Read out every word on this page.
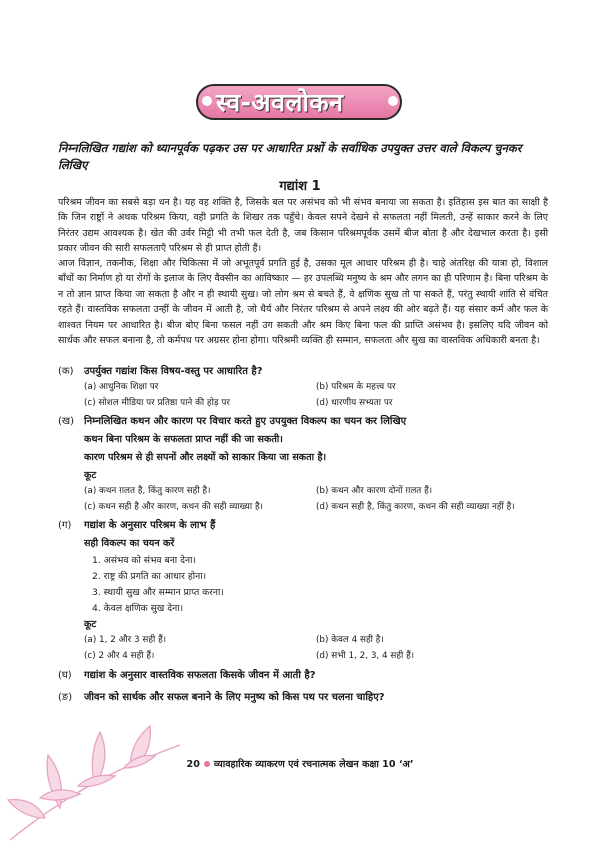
स्व-अवलोकन
निम्नलिखित गद्यांश को ध्यानपूर्वक पढ़कर उस पर आधारित प्रश्नों के सर्वाधिक उपयुक्त उत्तर वाले विकल्प चुनकर लिखिए
गद्यांश 1
परिश्रम जीवन का सबसे बड़ा धन है। यह वह शक्ति है, जिसके बल पर असंभव को भी संभव बनाया जा सकता है। इतिहास इस बात का साक्षी है कि जिन राष्ट्रों ने अथक परिश्रम किया, वही प्रगति के शिखर तक पहुँचे। केवल सपने देखने से सफलता नहीं मिलती, उन्हें साकार करने के लिए निरंतर उद्यम आवश्यक है। खेत की उर्वर मिट्टी भी तभी फल देती है, जब किसान परिश्रमपूर्वक उसमें बीज बोता है और देखभाल करता है। इसी प्रकार जीवन की सारी सफलताएँ परिश्रम से ही प्राप्त होती हैं।
आज विज्ञान, तकनीक, शिक्षा और चिकित्सा में जो अभूतपूर्व प्रगति हुई है, उसका मूल आधार परिश्रम ही है। चाहे अंतरिक्ष की यात्रा हो, विशाल बाँधों का निर्माण हो या रोगों के इलाज के लिए वैक्सीन का आविष्कार — हर उपलब्धि मनुष्य के श्रम और लगन का ही परिणाम है। बिना परिश्रम के न तो ज्ञान प्राप्त किया जा सकता है और न ही स्थायी सुख। जो लोग श्रम से बचते हैं, वे क्षणिक सुख तो पा सकते हैं, परंतु स्थायी शांति से वंचित रहते हैं। वास्तविक सफलता उन्हीं के जीवन में आती है, जो धैर्य और निरंतर परिश्रम से अपने लक्ष्य की ओर बढ़ते हैं। यह संसार कर्म और फल के शाश्वत नियम पर आधारित है। बीज बोए बिना फसल नहीं उग सकती और श्रम किए बिना फल की प्राप्ति असंभव है। इसलिए यदि जीवन को सार्थक और सफल बनाना है, तो कर्मपथ पर अग्रसर होना होगा। परिश्रमी व्यक्ति ही सम्मान, सफलता और सुख का वास्तविक अधिकारी बनता है।
(क) उपर्युक्त गद्यांश किस विषय-वस्तु पर आधारित है?
(a) आधुनिक शिक्षा पर	(b) परिश्रम के महत्त्व पर
(c) सोशल मीडिया पर प्रतिष्ठा पाने की होड़ पर	(d) धारणीय सभ्यता पर
(ख) निम्नलिखित कथन और कारण पर विचार करते हुए उपयुक्त विकल्प का चयन कर लिखिए
कथन बिना परिश्रम के सफलता प्राप्त नहीं की जा सकती।
कारण परिश्रम से ही सपनों और लक्ष्यों को साकार किया जा सकता है।
कूट
(a) कथन ग़लत है, किंतु कारण सही है।	(b) कथन और कारण दोनों ग़लत हैं।
(c) कथन सही है और कारण, कथन की सही व्याख्या है।	(d) कथन सही है, किंतु कारण, कथन की सही व्याख्या नहीं है।
(ग) गद्यांश के अनुसार परिश्रम के लाभ हैं
सही विकल्प का चयन करें
1. असंभव को संभव बना देना।
2. राष्ट्र की प्रगति का आधार होना।
3. स्थायी सुख और सम्मान प्राप्त करना।
4. केवल क्षणिक सुख देना।
कूट
(a) 1, 2 और 3 सही हैं।	(b) केवल 4 सही है।
(c) 2 और 4 सही हैं।	(d) सभी 1, 2, 3, 4 सही हैं।
(घ) गद्यांश के अनुसार वास्तविक सफलता किसके जीवन में आती है?
(ङ) जीवन को सार्थक और सफल बनाने के लिए मनुष्य को किस पथ पर चलना चाहिए?
20 व्यावहारिक व्याकरण एवं रचनात्मक लेखन कक्षा 10 ‘अ’
